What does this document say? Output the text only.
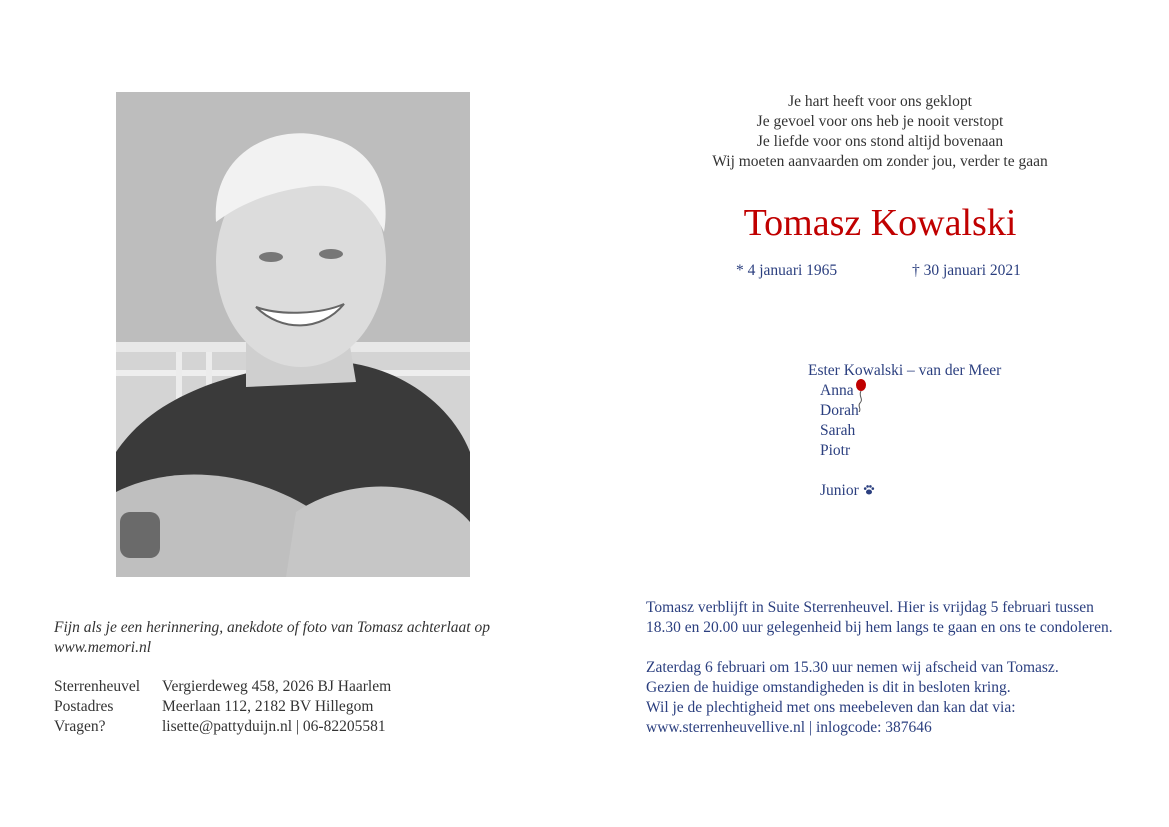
Je hart heeft voor ons geklopt
Je gevoel voor ons heb je nooit verstopt
Je liefde voor ons stond altijd bovenaan
Wij moeten aanvaarden om zonder jou, verder te gaan
Tomasz Kowalski
* 4 januari 1965	† 30 januari 2021
Ester Kowalski – van der Meer
Anna
Dorah
Sarah
Piotr
Junior

Tomasz verblijft in Suite Sterrenheuvel. Hier is vrijdag 5 februari tussen
18.30 en 20.00 uur gelegenheid bij hem langs te gaan en ons te condoleren.

Zaterdag 6 februari om 15.30 uur nemen wij afscheid van Tomasz.
Gezien de huidige omstandigheden is dit in besloten kring.
Wil je de plechtigheid met ons meebeleven dan kan dat via:
www.sterrenheuvellive.nl | inlogcode: 387646

Fijn als je een herinnering, anekdote of foto van Tomasz achterlaat op
www.memori.nl
Sterrenheuvel	Vergierdeweg 458, 2026 BJ Haarlem
Postadres	Meerlaan 112, 2182 BV Hillegom
Vragen?	lisette@pattyduijn.nl | 06-82205581
